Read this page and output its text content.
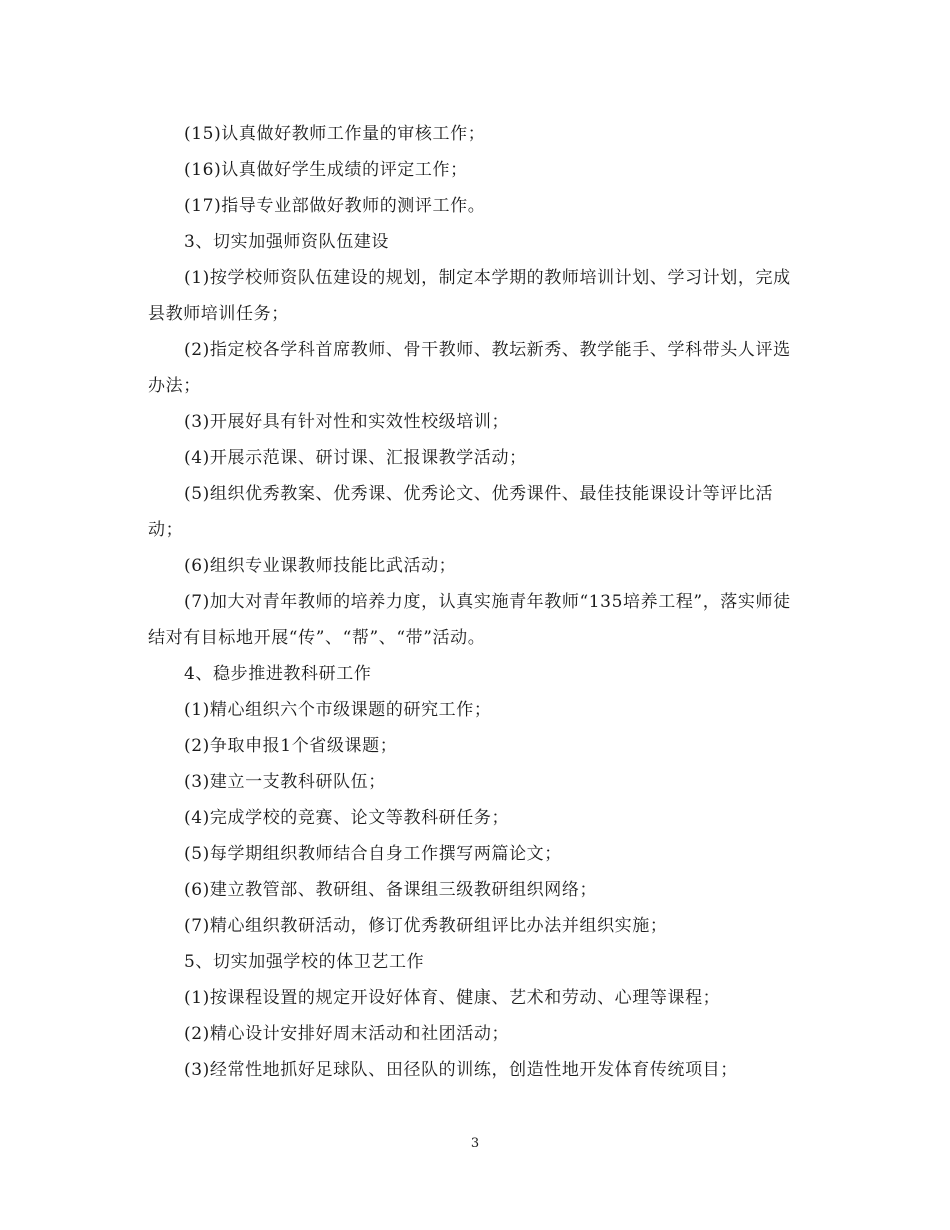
(15)认真做好教师工作量的审核工作；

(16)认真做好学生成绩的评定工作；

(17)指导专业部做好教师的测评工作。

3、切实加强师资队伍建设

(1)按学校师资队伍建设的规划，制定本学期的教师培训计划、学习计划，完成县教师培训任务；

(2)指定校各学科首席教师、骨干教师、教坛新秀、教学能手、学科带头人评选办法；

(3)开展好具有针对性和实效性校级培训；

(4)开展示范课、研讨课、汇报课教学活动；

(5)组织优秀教案、优秀课、优秀论文、优秀课件、最佳技能课设计等评比活动；

(6)组织专业课教师技能比武活动；

(7)加大对青年教师的培养力度，认真实施青年教师“135培养工程”，落实师徒结对有目标地开展“传”、“帮”、“带”活动。

4、稳步推进教科研工作

(1)精心组织六个市级课题的研究工作；

(2)争取申报1个省级课题；

(3)建立一支教科研队伍；

(4)完成学校的竞赛、论文等教科研任务；

(5)每学期组织教师结合自身工作撰写两篇论文；

(6)建立教管部、教研组、备课组三级教研组织网络；

(7)精心组织教研活动，修订优秀教研组评比办法并组织实施；

5、切实加强学校的体卫艺工作

(1)按课程设置的规定开设好体育、健康、艺术和劳动、心理等课程；

(2)精心设计安排好周末活动和社团活动；

(3)经常性地抓好足球队、田径队的训练，创造性地开发体育传统项目；

3
